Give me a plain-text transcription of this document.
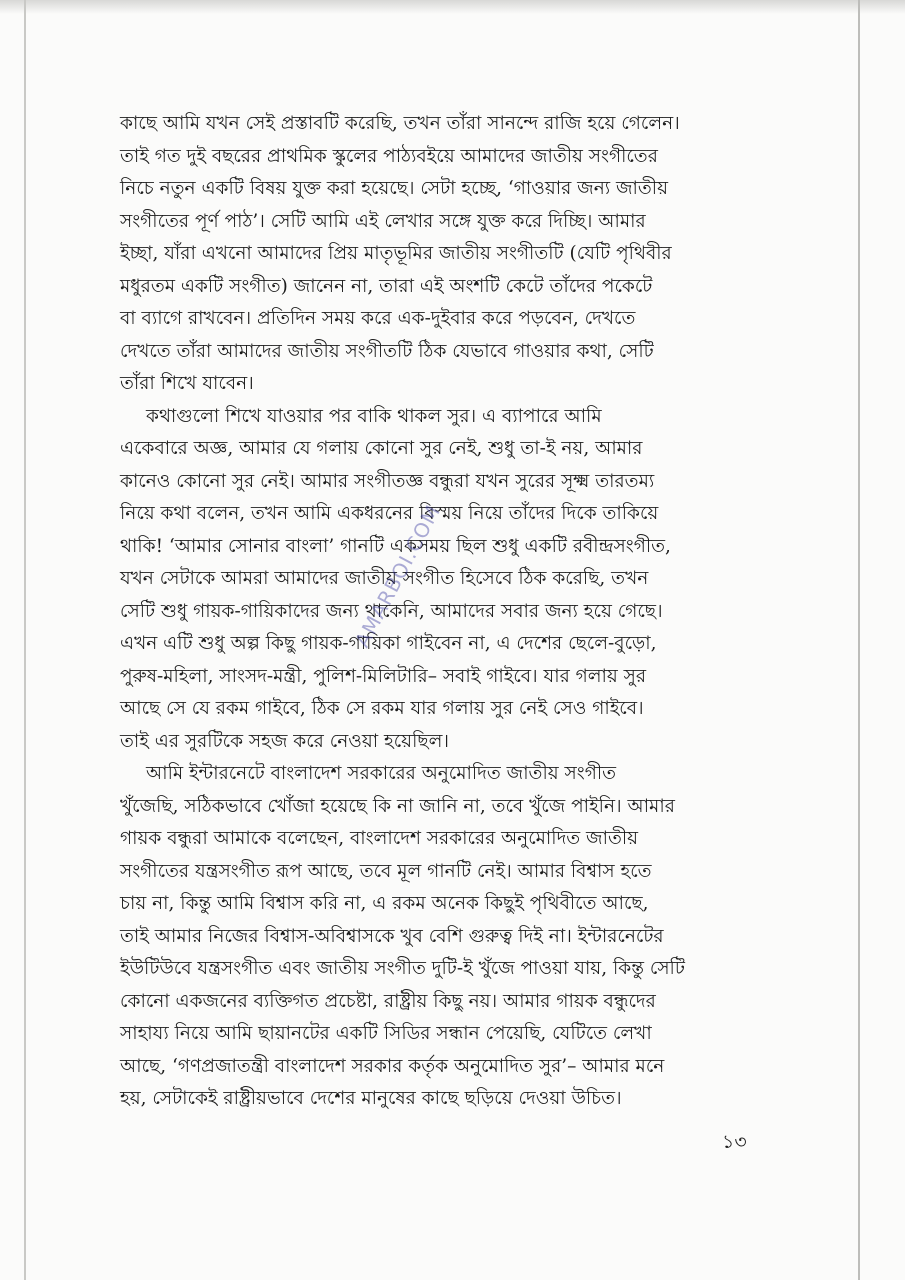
কাছে আমি যখন সেই প্রস্তাবটি করেছি, তখন তাঁরা সানন্দে রাজি হয়ে গেলেন।
তাই গত দুই বছরের প্রাথমিক স্কুলের পাঠ্যবইয়ে আমাদের জাতীয় সংগীতের
নিচে নতুন একটি বিষয় যুক্ত করা হয়েছে। সেটা হচ্ছে, ‘গাওয়ার জন্য জাতীয়
সংগীতের পূর্ণ পাঠ’। সেটি আমি এই লেখার সঙ্গে যুক্ত করে দিচ্ছি। আমার
ইচ্ছা, যাঁরা এখনো আমাদের প্রিয় মাতৃভূমির জাতীয় সংগীতটি (যেটি পৃথিবীর
মধুরতম একটি সংগীত) জানেন না, তারা এই অংশটি কেটে তাঁদের পকেটে
বা ব্যাগে রাখবেন। প্রতিদিন সময় করে এক-দুইবার করে পড়বেন, দেখতে
দেখতে তাঁরা আমাদের জাতীয় সংগীতটি ঠিক যেভাবে গাওয়ার কথা, সেটি
তাঁরা শিখে যাবেন।

কথাগুলো শিখে যাওয়ার পর বাকি থাকল সুর। এ ব্যাপারে আমি
একেবারে অজ্ঞ, আমার যে গলায় কোনো সুর নেই, শুধু তা-ই নয়, আমার
কানেও কোনো সুর নেই। আমার সংগীতজ্ঞ বন্ধুরা যখন সুরের সূক্ষ্ম তারতম্য
নিয়ে কথা বলেন, তখন আমি একধরনের বিস্ময় নিয়ে তাঁদের দিকে তাকিয়ে
থাকি! ‘আমার সোনার বাংলা’ গানটি একসময় ছিল শুধু একটি রবীন্দ্রসংগীত,
যখন সেটাকে আমরা আমাদের জাতীয় সংগীত হিসেবে ঠিক করেছি, তখন
সেটি শুধু গায়ক-গায়িকাদের জন্য থাকেনি, আমাদের সবার জন্য হয়ে গেছে।
এখন এটি শুধু অল্প কিছু গায়ক-গায়িকা গাইবেন না, এ দেশের ছেলে-বুড়ো,
পুরুষ-মহিলা, সাংসদ-মন্ত্রী, পুলিশ-মিলিটারি– সবাই গাইবে। যার গলায় সুর
আছে সে যে রকম গাইবে, ঠিক সে রকম যার গলায় সুর নেই সেও গাইবে।
তাই এর সুরটিকে সহজ করে নেওয়া হয়েছিল।

আমি ইন্টারনেটে বাংলাদেশ সরকারের অনুমোদিত জাতীয় সংগীত
খুঁজেছি, সঠিকভাবে খোঁজা হয়েছে কি না জানি না, তবে খুঁজে পাইনি। আমার
গায়ক বন্ধুরা আমাকে বলেছেন, বাংলাদেশ সরকারের অনুমোদিত জাতীয়
সংগীতের যন্ত্রসংগীত রূপ আছে, তবে মূল গানটি নেই। আমার বিশ্বাস হতে
চায় না, কিন্তু আমি বিশ্বাস করি না, এ রকম অনেক কিছুই পৃথিবীতে আছে,
তাই আমার নিজের বিশ্বাস-অবিশ্বাসকে খুব বেশি গুরুত্ব দিই না। ইন্টারনেটের
ইউটিউবে যন্ত্রসংগীত এবং জাতীয় সংগীত দুটি-ই খুঁজে পাওয়া যায়, কিন্তু সেটি
কোনো একজনের ব্যক্তিগত প্রচেষ্টা, রাষ্ট্রীয় কিছু নয়। আমার গায়ক বন্ধুদের
সাহায্য নিয়ে আমি ছায়ানটের একটি সিডির সন্ধান পেয়েছি, যেটিতে লেখা
আছে, ‘গণপ্রজাতন্ত্রী বাংলাদেশ সরকার কর্তৃক অনুমোদিত সুর’– আমার মনে
হয়, সেটাকেই রাষ্ট্রীয়ভাবে দেশের মানুষের কাছে ছড়িয়ে দেওয়া উচিত।

AMARBOI.COM
১৩
